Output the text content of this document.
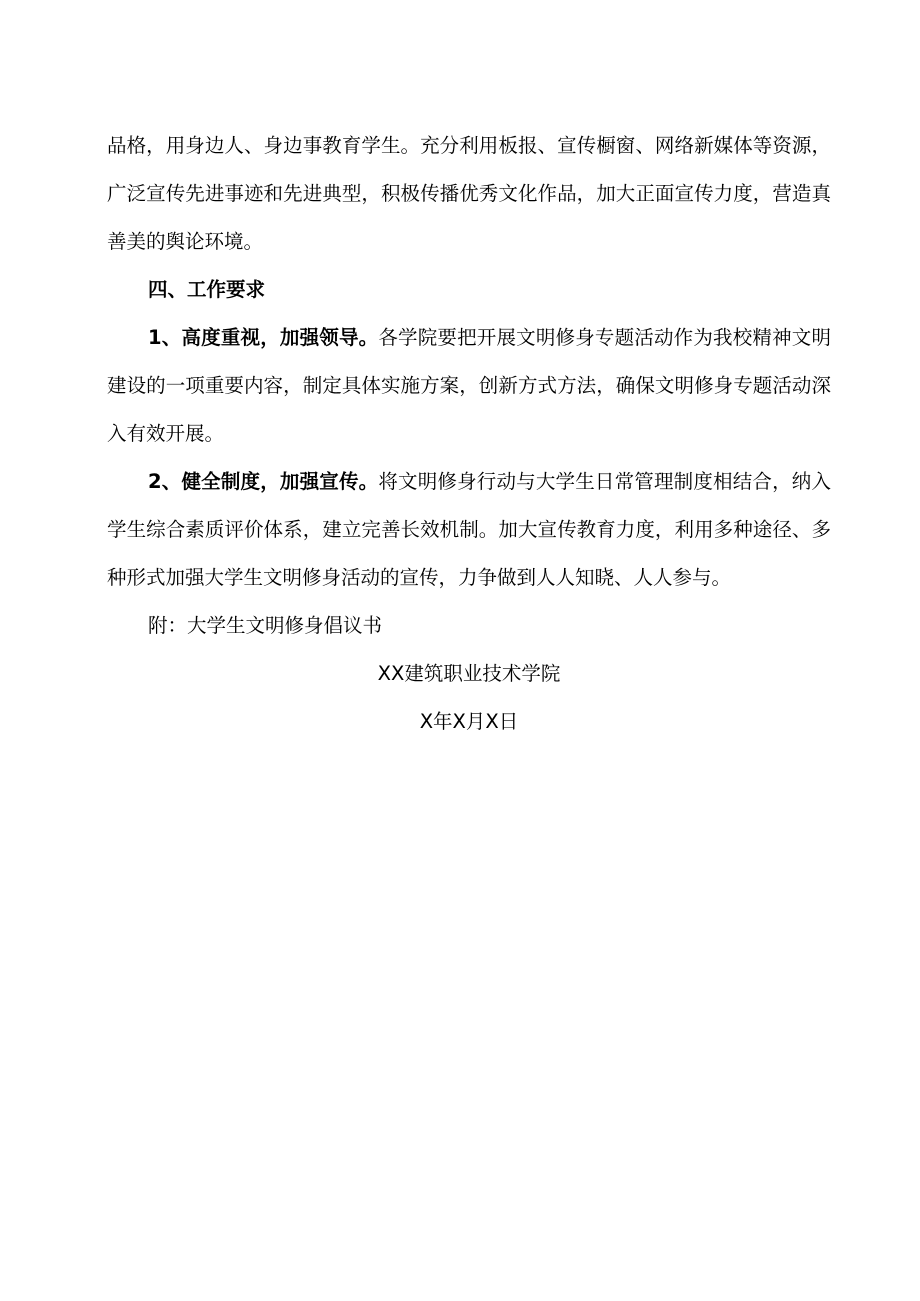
品格，用身边人、身边事教育学生。充分利用板报、宣传橱窗、网络新媒体等资源，广泛宣传先进事迹和先进典型，积极传播优秀文化作品，加大正面宣传力度，营造真善美的舆论环境。

四、工作要求

1、高度重视，加强领导。各学院要把开展文明修身专题活动作为我校精神文明建设的一项重要内容，制定具体实施方案，创新方式方法，确保文明修身专题活动深入有效开展。

2、健全制度，加强宣传。将文明修身行动与大学生日常管理制度相结合，纳入学生综合素质评价体系，建立完善长效机制。加大宣传教育力度，利用多种途径、多种形式加强大学生文明修身活动的宣传，力争做到人人知晓、人人参与。

附：大学生文明修身倡议书

XX建筑职业技术学院

X年X月X日
